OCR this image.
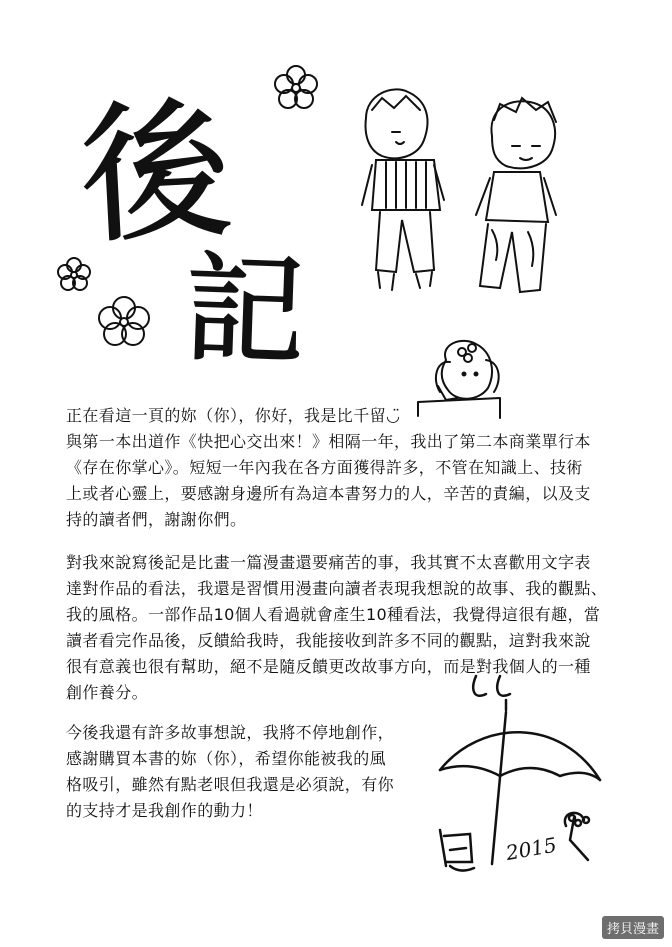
後
記
2015
正在看這一頁的妳（你），你好，我是比千留◡̈
與第一本出道作《快把心交出來！》相隔一年，我出了第二本商業單行本
《存在你掌心》。短短一年內我在各方面獲得許多，不管在知識上、技術
上或者心靈上，要感謝身邊所有為這本書努力的人，辛苦的責編，以及支
持的讀者們，謝謝你們。
對我來說寫後記是比畫一篇漫畫還要痛苦的事，我其實不太喜歡用文字表
達對作品的看法，我還是習慣用漫畫向讀者表現我想說的故事、我的觀點、
我的風格。一部作品10個人看過就會產生10種看法，我覺得這很有趣，當
讀者看完作品後，反饋給我時，我能接收到許多不同的觀點，這對我來說
很有意義也很有幫助，絕不是隨反饋更改故事方向，而是對我個人的一種
創作養分。
今後我還有許多故事想說，我將不停地創作，
感謝購買本書的妳（你），希望你能被我的風
格吸引，雖然有點老哏但我還是必須說，有你
的支持才是我創作的動力！
拷貝漫畫
